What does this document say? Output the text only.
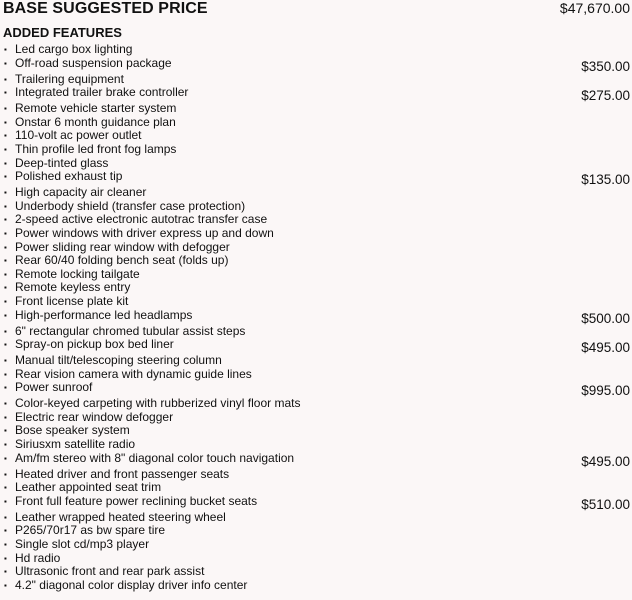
BASE SUGGESTED PRICE	$47,670.00
ADDED FEATURES
▪ Led cargo box lighting
▪ Off-road suspension package	$350.00
▪ Trailering equipment
▪ Integrated trailer brake controller	$275.00
▪ Remote vehicle starter system
▪ Onstar 6 month guidance plan
▪ 110-volt ac power outlet
▪ Thin profile led front fog lamps
▪ Deep-tinted glass
▪ Polished exhaust tip	$135.00
▪ High capacity air cleaner
▪ Underbody shield (transfer case protection)
▪ 2-speed active electronic autotrac transfer case
▪ Power windows with driver express up and down
▪ Power sliding rear window with defogger
▪ Rear 60/40 folding bench seat (folds up)
▪ Remote locking tailgate
▪ Remote keyless entry
▪ Front license plate kit
▪ High-performance led headlamps	$500.00
▪ 6" rectangular chromed tubular assist steps
▪ Spray-on pickup box bed liner	$495.00
▪ Manual tilt/telescoping steering column
▪ Rear vision camera with dynamic guide lines
▪ Power sunroof	$995.00
▪ Color-keyed carpeting with rubberized vinyl floor mats
▪ Electric rear window defogger
▪ Bose speaker system
▪ Siriusxm satellite radio
▪ Am/fm stereo with 8" diagonal color touch navigation	$495.00
▪ Heated driver and front passenger seats
▪ Leather appointed seat trim
▪ Front full feature power reclining bucket seats	$510.00
▪ Leather wrapped heated steering wheel
▪ P265/70r17 as bw spare tire
▪ Single slot cd/mp3 player
▪ Hd radio
▪ Ultrasonic front and rear park assist
▪ 4.2" diagonal color display driver info center
